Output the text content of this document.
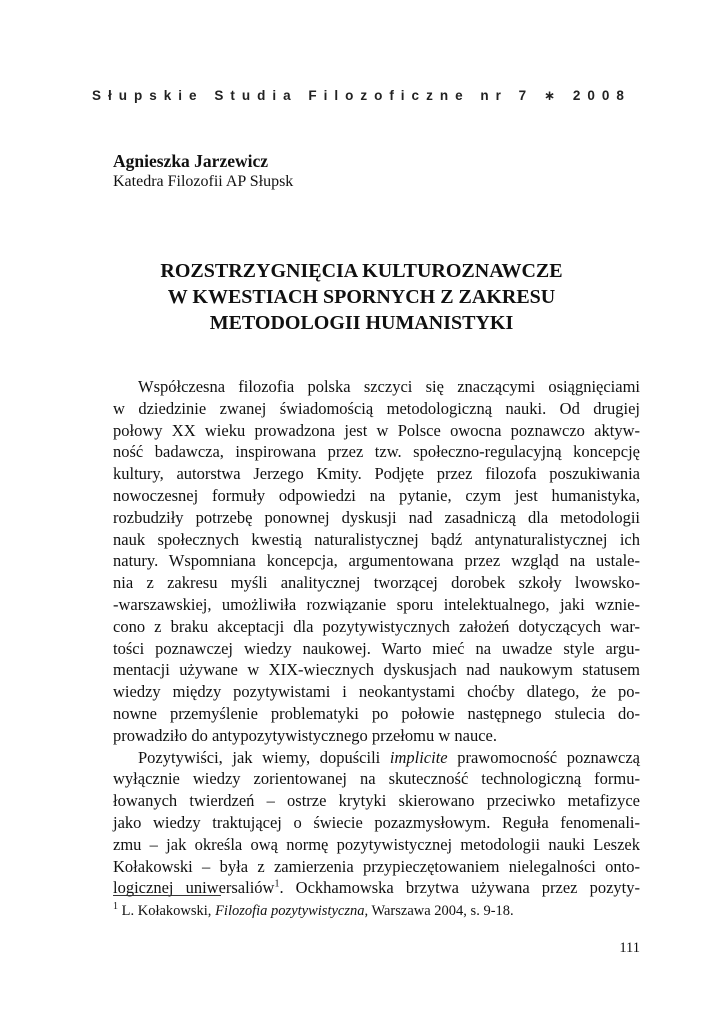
Słupskie Studia Filozoficzne nr 7 ∗ 2008
Agnieszka Jarzewicz
Katedra Filozofii AP Słupsk
ROZSTRZYGNIĘCIA KULTUROZNAWCZE
W KWESTIACH SPORNYCH Z ZAKRESU
METODOLOGII HUMANISTYKI
Współczesna filozofia polska szczyci się znaczącymi osiągnięciami
w dziedzinie zwanej świadomością metodologiczną nauki. Od drugiej
połowy XX wieku prowadzona jest w Polsce owocna poznawczo aktyw-
ność badawcza, inspirowana przez tzw. społeczno-regulacyjną koncepcję
kultury, autorstwa Jerzego Kmity. Podjęte przez filozofa poszukiwania
nowoczesnej formuły odpowiedzi na pytanie, czym jest humanistyka,
rozbudziły potrzebę ponownej dyskusji nad zasadniczą dla metodologii
nauk społecznych kwestią naturalistycznej bądź antynaturalistycznej ich
natury. Wspomniana koncepcja, argumentowana przez wzgląd na ustale-
nia z zakresu myśli analitycznej tworzącej dorobek szkoły lwowsko-
-warszawskiej, umożliwiła rozwiązanie sporu intelektualnego, jaki wznie-
cono z braku akceptacji dla pozytywistycznych założeń dotyczących war-
tości poznawczej wiedzy naukowej. Warto mieć na uwadze style argu-
mentacji używane w XIX-wiecznych dyskusjach nad naukowym statusem
wiedzy między pozytywistami i neokantystami choćby dlatego, że po-
nowne przemyślenie problematyki po połowie następnego stulecia do-
prowadziło do antypozytywistycznego przełomu w nauce.
Pozytywiści, jak wiemy, dopuścili implicite prawomocność poznawczą
wyłącznie wiedzy zorientowanej na skuteczność technologiczną formu-
łowanych twierdzeń – ostrze krytyki skierowano przeciwko metafizyce
jako wiedzy traktującej o świecie pozazmysłowym. Reguła fenomenali-
zmu – jak określa ową normę pozytywistycznej metodologii nauki Leszek
Kołakowski – była z zamierzenia przypieczętowaniem nielegalności onto-
logicznej uniwersaliów$^1$. Ockhamowska brzytwa używana przez pozyty-
$^1$ L. Kołakowski, Filozofia pozytywistyczna, Warszawa 2004, s. 9-18.
111
